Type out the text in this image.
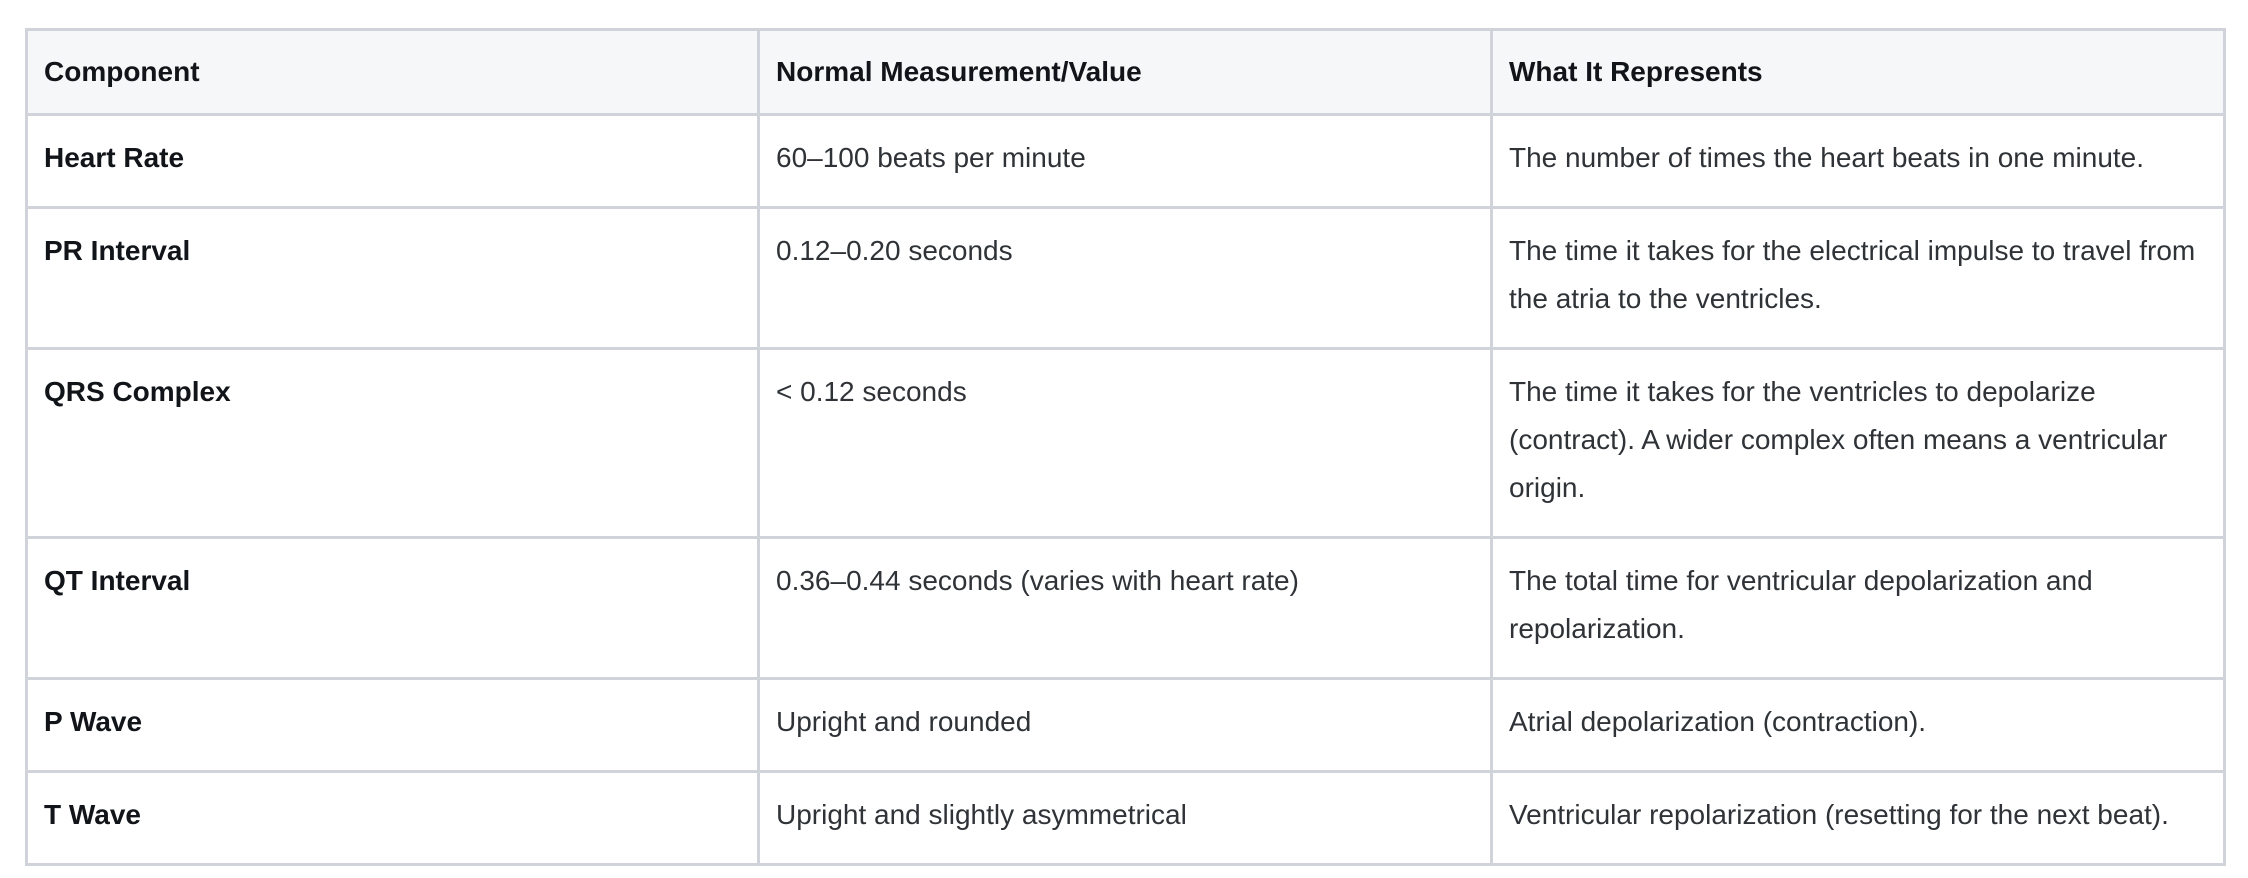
Component	Normal Measurement/Value	What It Represents
Heart Rate	60–100 beats per minute	The number of times the heart beats in one minute.
PR Interval	0.12–0.20 seconds	The time it takes for the electrical impulse to travel from the atria to the ventricles.
QRS Complex	< 0.12 seconds	The time it takes for the ventricles to depolarize (contract). A wider complex often means a ventricular origin.
QT Interval	0.36–0.44 seconds (varies with heart rate)	The total time for ventricular depolarization and repolarization.
P Wave	Upright and rounded	Atrial depolarization (contraction).
T Wave	Upright and slightly asymmetrical	Ventricular repolarization (resetting for the next beat).
